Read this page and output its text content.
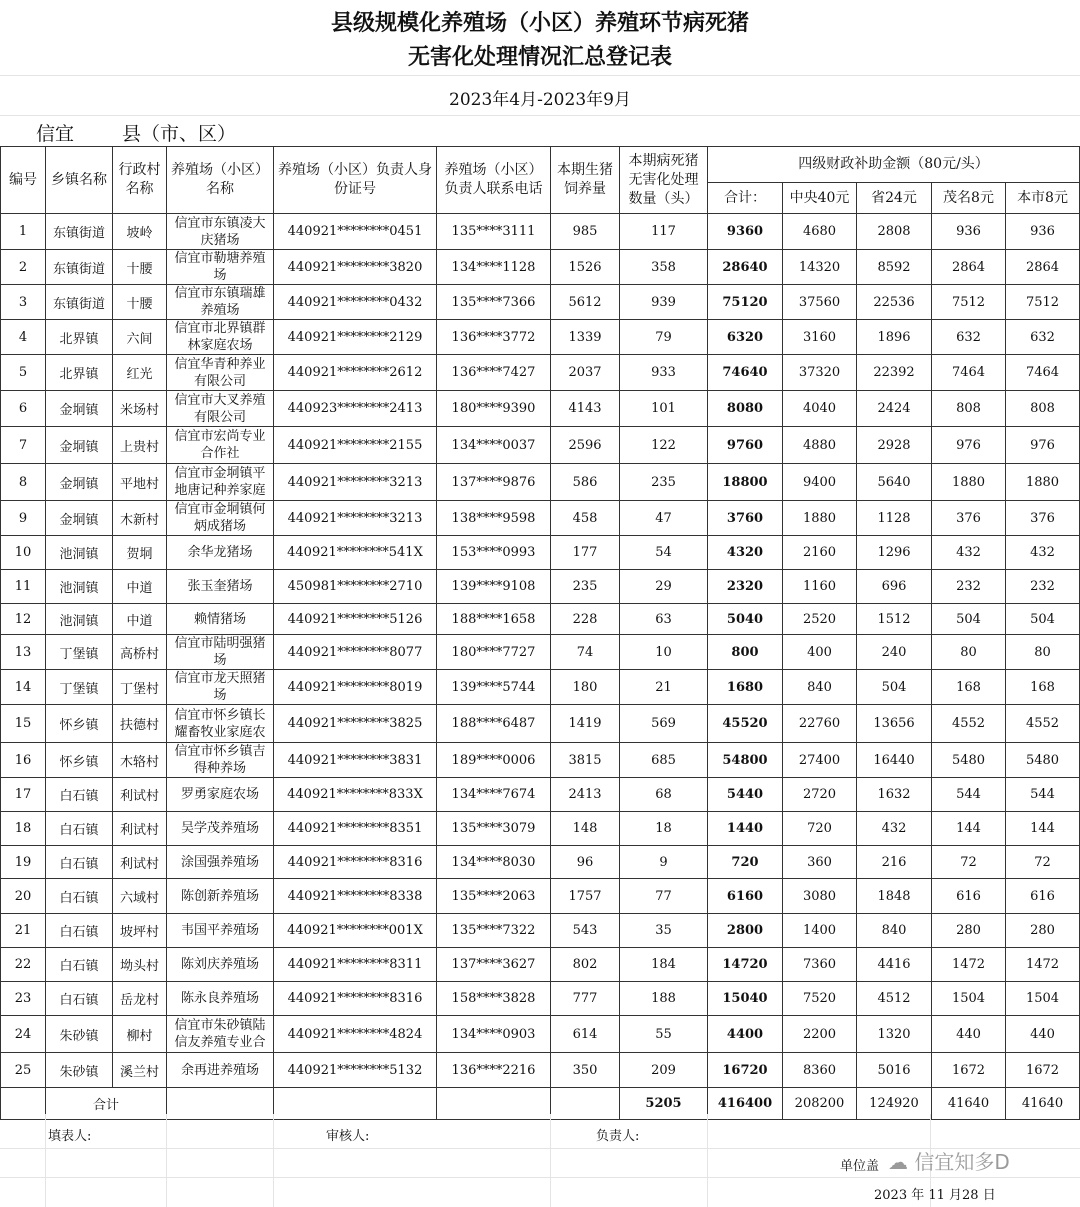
县级规模化养殖场（小区）养殖环节病死猪
无害化处理情况汇总登记表
2023年4月-2023年9月
信宜	县（市、区）
编号	乡镇名称	行政村名称	养殖场（小区）名称	养殖场（小区）负责人身份证号	养殖场（小区）负责人联系电话	本期生猪饲养量	本期病死猪无害化处理数量（头）	四级财政补助金额（80元/头）				
								合计：	中央40元	省24元	茂名8元	本市8元
1	东镇街道	坡岭	信宜市东镇凌大庆猪场	440921********0451	135****3111	985	117	9360	4680	2808	936	936
2	东镇街道	十腰	信宜市勒塘养殖场	440921********3820	134****1128	1526	358	28640	14320	8592	2864	2864
3	东镇街道	十腰	信宜市东镇瑞雄养殖场	440921********0432	135****7366	5612	939	75120	37560	22536	7512	7512
4	北界镇	六间	信宜市北界镇群林家庭农场	440921********2129	136****3772	1339	79	6320	3160	1896	632	632
5	北界镇	红光	信宜华青种养业有限公司	440921********2612	136****7427	2037	933	74640	37320	22392	7464	7464
6	金垌镇	米场村	信宜市大叉养殖有限公司	440923********2413	180****9390	4143	101	8080	4040	2424	808	808
7	金垌镇	上贵村	信宜市宏尚专业合作社	440921********2155	134****0037	2596	122	9760	4880	2928	976	976
8	金垌镇	平地村	信宜市金垌镇平地唐记种养家庭	440921********3213	137****9876	586	235	18800	9400	5640	1880	1880
9	金垌镇	木新村	信宜市金垌镇何炳成猪场	440921********3213	138****9598	458	47	3760	1880	1128	376	376
10	池洞镇	贺垌	余华龙猪场	440921********541X	153****0993	177	54	4320	2160	1296	432	432
11	池洞镇	中道	张玉奎猪场	450981********2710	139****9108	235	29	2320	1160	696	232	232
12	池洞镇	中道	赖情猪场	440921********5126	188****1658	228	63	5040	2520	1512	504	504
13	丁堡镇	高桥村	信宜市陆明强猪场	440921********8077	180****7727	74	10	800	400	240	80	80
14	丁堡镇	丁堡村	信宜市龙天照猪场	440921********8019	139****5744	180	21	1680	840	504	168	168
15	怀乡镇	扶德村	信宜市怀乡镇长耀畜牧业家庭农	440921********3825	188****6487	1419	569	45520	22760	13656	4552	4552
16	怀乡镇	木辂村	信宜市怀乡镇吉得种养场	440921********3831	189****0006	3815	685	54800	27400	16440	5480	5480
17	白石镇	利试村	罗勇家庭农场	440921********833X	134****7674	2413	68	5440	2720	1632	544	544
18	白石镇	利试村	吴学茂养殖场	440921********8351	135****3079	148	18	1440	720	432	144	144
19	白石镇	利试村	涂国强养殖场	440921********8316	134****8030	96	9	720	360	216	72	72
20	白石镇	六域村	陈创新养殖场	440921********8338	135****2063	1757	77	6160	3080	1848	616	616
21	白石镇	坡坪村	韦国平养殖场	440921********001X	135****7322	543	35	2800	1400	840	280	280
22	白石镇	坳头村	陈刘庆养殖场	440921********8311	137****3627	802	184	14720	7360	4416	1472	1472
23	白石镇	岳龙村	陈永良养殖场	440921********8316	158****3828	777	188	15040	7520	4512	1504	1504
24	朱砂镇	柳村	信宜市朱砂镇陆信友养殖专业合	440921********4824	134****0903	614	55	4400	2200	1320	440	440
25	朱砂镇	溪兰村	余再进养殖场	440921********5132	136****2216	350	209	16720	8360	5016	1672	1672
	合计						5205	416400	208200	124920	41640	41640
填表人:	审核人:	负责人:
单位盖
2023 年 11 月28 日
☁ 信宜知多D
